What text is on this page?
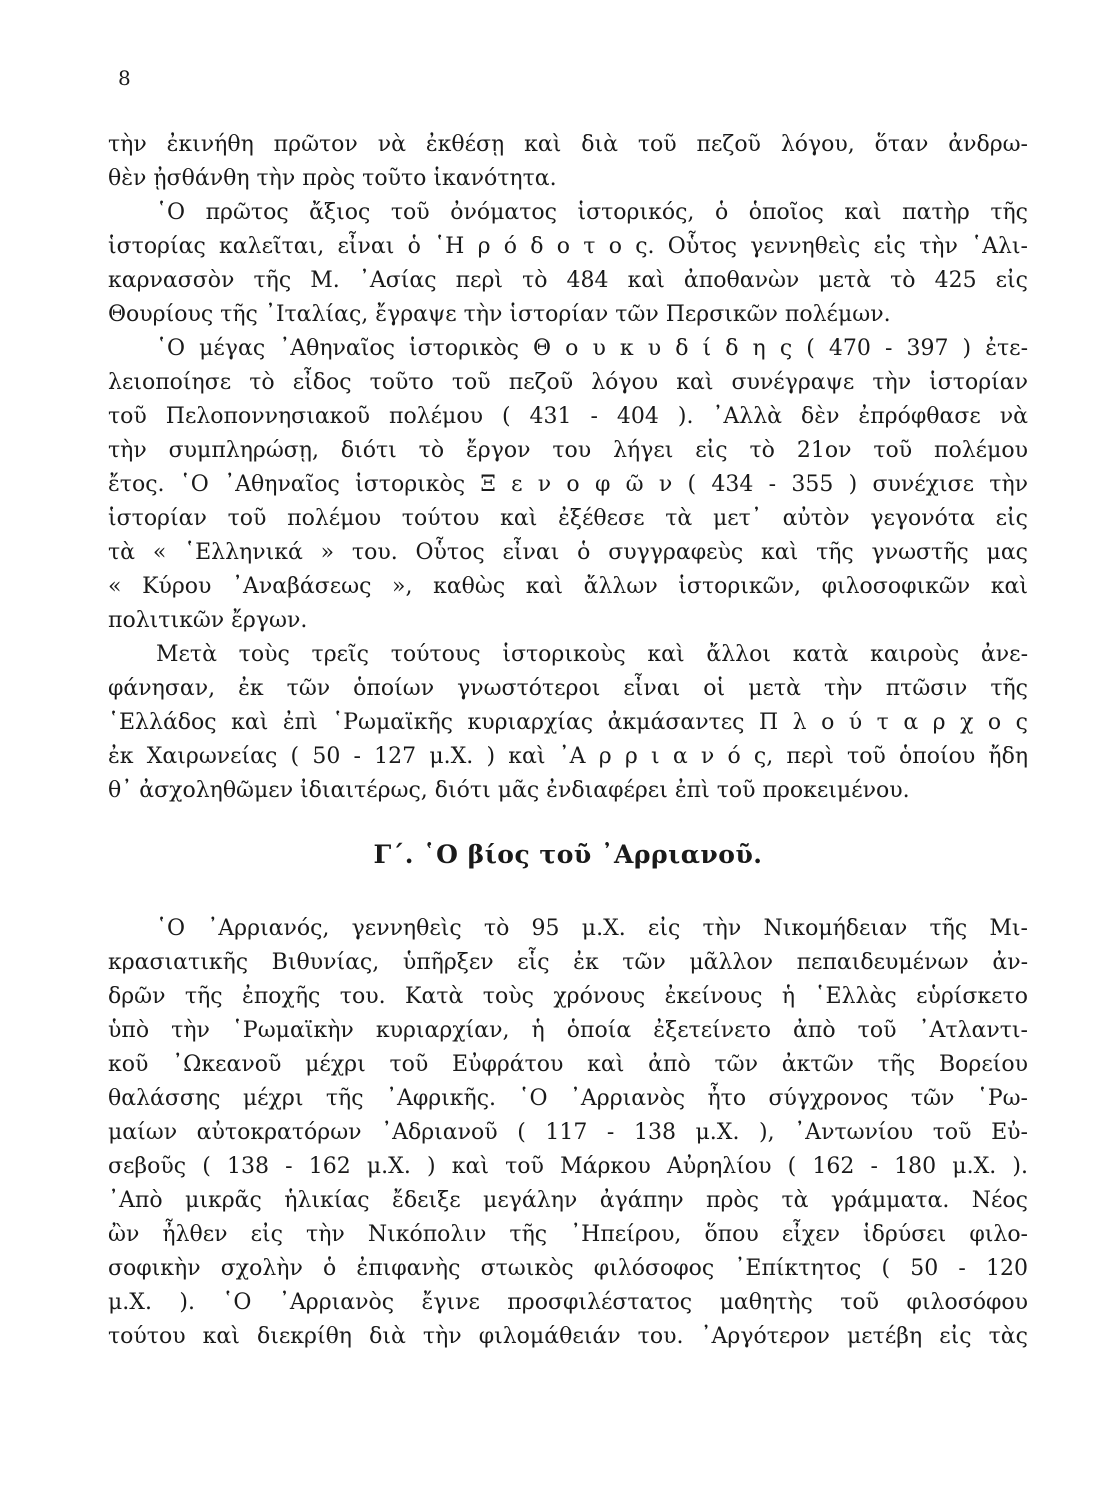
8
τὴν ἐκινήθη πρῶτον νὰ ἐκθέσῃ καὶ διὰ τοῦ πεζοῦ λόγου, ὅταν ἀνδρω-
θὲν ᾐσθάνθη τὴν πρὸς τοῦτο ἱκανότητα.
῾Ο πρῶτος ἄξιος τοῦ ὀνόματος ἱστορικός, ὁ ὁποῖος καὶ πατὴρ τῆς
ἱστορίας καλεῖται, εἶναι ὁ ῾Η ρ ό δ ο τ ο ς. Οὗτος γεννηθεὶς εἰς τὴν ῾Αλι-
καρνασσὸν τῆς Μ. ᾿Ασίας περὶ τὸ 484 καὶ ἀποθανὼν μετὰ τὸ 425 εἰς
Θουρίους τῆς ᾿Ιταλίας, ἔγραψε τὴν ἱστορίαν τῶν Περσικῶν πολέμων.
῾Ο μέγας ᾿Αθηναῖος ἱστορικὸς Θ ο υ κ υ δ ί δ η ς ( 470 - 397 ) ἐτε-
λειοποίησε τὸ εἶδος τοῦτο τοῦ πεζοῦ λόγου καὶ συνέγραψε τὴν ἱστορίαν
τοῦ Πελοποννησιακοῦ πολέμου ( 431 - 404 ). ᾿Αλλὰ δὲν ἐπρόφθασε νὰ
τὴν συμπληρώσῃ, διότι τὸ ἔργον του λήγει εἰς τὸ 21ον τοῦ πολέμου
ἔτος. ῾Ο ᾿Αθηναῖος ἱστορικὸς Ξ ε ν ο φ ῶ ν ( 434 - 355 ) συνέχισε τὴν
ἱστορίαν τοῦ πολέμου τούτου καὶ ἐξέθεσε τὰ μετ᾿ αὐτὸν γεγονότα εἰς
τὰ « ῾Ελληνικά » του. Οὗτος εἶναι ὁ συγγραφεὺς καὶ τῆς γνωστῆς μας
« Κύρου ᾿Αναβάσεως », καθὼς καὶ ἄλλων ἱστορικῶν, φιλοσοφικῶν καὶ
πολιτικῶν ἔργων.
Μετὰ τοὺς τρεῖς τούτους ἱστορικοὺς καὶ ἄλλοι κατὰ καιροὺς ἀνε-
φάνησαν, ἐκ τῶν ὁποίων γνωστότεροι εἶναι οἱ μετὰ τὴν πτῶσιν τῆς
῾Ελλάδος καὶ ἐπὶ ῾Ρωμαϊκῆς κυριαρχίας ἀκμάσαντες Π λ ο ύ τ α ρ χ ο ς
ἐκ Χαιρωνείας ( 50 - 127 μ.Χ. ) καὶ ᾿Α ρ ρ ι α ν ό ς, περὶ τοῦ ὁποίου ἤδη
θ᾿ ἀσχοληθῶμεν ἰδιαιτέρως, διότι μᾶς ἐνδιαφέρει ἐπὶ τοῦ προκειμένου.
Γ΄. ῾Ο βίος τοῦ ᾿Αρριανοῦ.
῾Ο ᾿Αρριανός, γεννηθεὶς τὸ 95 μ.Χ. εἰς τὴν Νικομήδειαν τῆς Μι-
κρασιατικῆς Βιθυνίας, ὑπῆρξεν εἷς ἐκ τῶν μᾶλλον πεπαιδευμένων ἀν-
δρῶν τῆς ἐποχῆς του. Κατὰ τοὺς χρόνους ἐκείνους ἡ ῾Ελλὰς εὑρίσκετο
ὑπὸ τὴν ῾Ρωμαϊκὴν κυριαρχίαν, ἡ ὁποία ἐξετείνετο ἀπὸ τοῦ ᾿Ατλαντι-
κοῦ ᾿Ωκεανοῦ μέχρι τοῦ Εὐφράτου καὶ ἀπὸ τῶν ἀκτῶν τῆς Βορείου
θαλάσσης μέχρι τῆς ᾿Αφρικῆς. ῾Ο ᾿Αρριανὸς ἦτο σύγχρονος τῶν ῾Ρω-
μαίων αὐτοκρατόρων ᾿Αδριανοῦ ( 117 - 138 μ.Χ. ), ᾿Αντωνίου τοῦ Εὐ-
σεβοῦς ( 138 - 162 μ.Χ. ) καὶ τοῦ Μάρκου Αὐρηλίου ( 162 - 180 μ.Χ. ).
᾿Απὸ μικρᾶς ἡλικίας ἔδειξε μεγάλην ἀγάπην πρὸς τὰ γράμματα. Νέος
ὢν ἦλθεν εἰς τὴν Νικόπολιν τῆς ᾿Ηπείρου, ὅπου εἶχεν ἱδρύσει φιλο-
σοφικὴν σχολὴν ὁ ἐπιφανὴς στωικὸς φιλόσοφος ᾿Επίκτητος ( 50 - 120
μ.Χ. ). ῾Ο ᾿Αρριανὸς ἔγινε προσφιλέστατος μαθητὴς τοῦ φιλοσόφου
τούτου καὶ διεκρίθη διὰ τὴν φιλομάθειάν του. ᾿Αργότερον μετέβη εἰς τὰς
